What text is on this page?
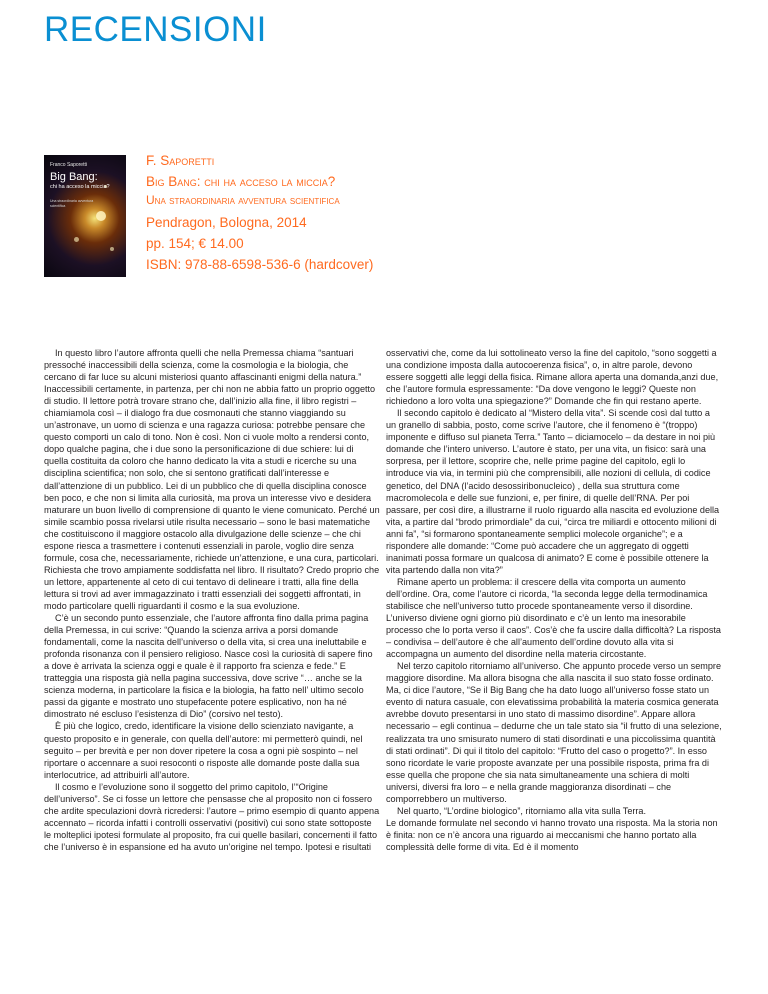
RECENSIONI
Franco Saporetti
Big Bang:
chi ha acceso la miccia?
Una straordinaria avventura scientifica
F. Saporetti
Big Bang: chi ha acceso la miccia?
Una straordinaria avventura scientifica
Pendragon, Bologna, 2014
pp. 154; € 14.00
ISBN: 978-88-6598-536-6 (hardcover)

In questo libro l’autore affronta quelli che nella Premessa chiama “santuari pressoché inaccessibili della scienza, come la cosmologia e la biologia, che cercano di far luce su alcuni misteriosi quanto affascinanti enigmi della natura.” Inaccessibili certamente, in partenza, per chi non ne abbia fatto un proprio oggetto di studio. Il lettore potrà trovare strano che, dall’inizio alla fine, il libro registri – chiamiamola così – il dialogo fra due cosmonauti che stanno viaggiando su un’astronave, un uomo di scienza e una ragazza curiosa: potrebbe pensare che questo comporti un calo di tono. Non è così. Non ci vuole molto a rendersi conto, dopo qualche pagina, che i due sono la personificazione di due schiere: lui di quella costituita da coloro che hanno dedicato la vita a studi e ricerche su una disciplina scientifica; non solo, che si sentono gratificati dall’interesse e dall’attenzione di un pubblico. Lei di un pubblico che di quella disciplina conosce ben poco, e che non si limita alla curiosità, ma prova un interesse vivo e desidera maturare un buon livello di comprensione di quanto le viene comunicato. Perché un simile scambio possa rivelarsi utile risulta necessario – sono le basi matematiche che costituiscono il maggiore ostacolo alla divulgazione delle scienze – che chi espone riesca a trasmettere i contenuti essenziali in parole, voglio dire senza formule, cosa che, necessariamente, richiede un’attenzione, e una cura, particolari. Richiesta che trovo ampiamente soddisfatta nel libro. Il risultato? Credo proprio che un lettore, appartenente al ceto di cui tentavo di delineare i tratti, alla fine della lettura si trovi ad aver immagazzinato i tratti essenziali dei soggetti affrontati, in modo particolare quelli riguardanti il cosmo e la sua evoluzione.

C’è un secondo punto essenziale, che l’autore affronta fino dalla prima pagina della Premessa, in cui scrive: “Quando la scienza arriva a porsi domande fondamentali, come la nascita dell’universo o della vita, si crea una ineluttabile e profonda risonanza con il pensiero religioso. Nasce così la curiosità di sapere fino a dove è arrivata la scienza oggi e quale è il rapporto fra scienza e fede.” E tratteggia una risposta già nella pagina successiva, dove scrive “… anche se la scienza moderna, in particolare la fisica e la biologia, ha fatto nell’ ultimo secolo passi da gigante e mostrato uno stupefacente potere esplicativo, non ha né dimostrato né escluso l’esistenza di Dio” (corsivo nel testo).

È più che logico, credo, identificare la visione dello scienziato navigante, a questo proposito e in generale, con quella dell’autore: mi permetterò quindi, nel seguito – per brevità e per non dover ripetere la cosa a ogni piè sospinto – nel riportare o accennare a suoi resoconti o risposte alle domande poste dalla sua interlocutrice, ad attribuirli all’autore.

Il cosmo e l’evoluzione sono il soggetto del primo capitolo, l’“Origine dell’universo”. Se ci fosse un lettore che pensasse che al proposito non ci fossero che ardite speculazioni dovrà ricredersi: l’autore – primo esempio di quanto appena accennato – ricorda infatti i controlli osservativi (positivi) cui sono state sottoposte le molteplici ipotesi formulate al proposito, fra cui quelle basilari, concernenti il fatto che l’universo è in espansione ed ha avuto un’origine nel tempo. Ipotesi e risultati

osservativi che, come da lui sottolineato verso la fine del capitolo, “sono soggetti a una condizione imposta dalla autocoerenza fisica”, o, in altre parole, devono essere soggetti alle leggi della fisica. Rimane allora aperta una domanda,anzi due, che l’autore formula espressamente: “Da dove vengono le leggi? Queste non richiedono a loro volta una spiegazione?” Domande che fin qui restano aperte.

Il secondo capitolo è dedicato al “Mistero della vita”. Si scende così dal tutto a un granello di sabbia, posto, come scrive l’autore, che il fenomeno è “(troppo) imponente e diffuso sul pianeta Terra.” Tanto – diciamocelo – da destare in noi più domande che l’intero universo. L’autore è stato, per una vita, un fisico: sarà una sorpresa, per il lettore, scoprire che, nelle prime pagine del capitolo, egli lo introduce via via, in termini più che comprensibili, alle nozioni di cellula, di codice genetico, del DNA (l’acido desossiribonucleico) , della sua struttura come macromolecola e delle sue funzioni, e, per finire, di quelle dell’RNA. Per poi passare, per così dire, a illustrarne il ruolo riguardo alla nascita ed evoluzione della vita, a partire dal “brodo primordiale” da cui, “circa tre miliardi e ottocento milioni di anni fa”, “si formarono spontaneamente semplici molecole organiche”; e a rispondere alle domande: “Come può accadere che un aggregato di oggetti inanimati possa formare un qualcosa di animato? E come è possibile ottenere la vita partendo dalla non vita?”

Rimane aperto un problema: il crescere della vita comporta un aumento dell’ordine. Ora, come l’autore ci ricorda, “la seconda legge della termodinamica stabilisce che nell’universo tutto procede spontaneamente verso il disordine. L’universo diviene ogni giorno più disordinato e c’è un lento ma inesorabile processo che lo porta verso il caos”. Cos’è che fa uscire dalla difficoltà? La risposta – condivisa – dell’autore è che all’aumento dell’ordine dovuto alla vita si accompagna un aumento del disordine nella materia circostante.

Nel terzo capitolo ritorniamo all’universo. Che appunto procede verso un sempre maggiore disordine. Ma allora bisogna che alla nascita il suo stato fosse ordinato. Ma, ci dice l’autore, “Se il Big Bang che ha dato luogo all’universo fosse stato un evento di natura casuale, con elevatissima probabilità la materia cosmica generata avrebbe dovuto presentarsi in uno stato di massimo disordine”. Appare allora necessario – egli continua – dedurne che un tale stato sia “il frutto di una selezione, realizzata tra uno smisurato numero di stati disordinati e una piccolissima quantità di stati ordinati”. Di qui il titolo del capitolo: “Frutto del caso o progetto?”. In esso sono ricordate le varie proposte avanzate per una possibile risposta, prima fra di esse quella che propone che sia nata simultaneamente una schiera di molti universi, diversi fra loro – e nella grande maggioranza disordinati – che comporrebbero un multiverso.

Nel quarto, “L’ordine biologico”, ritorniamo alla vita sulla Terra.

Le domande formulate nel secondo vi hanno trovato una risposta. Ma la storia non è finita: non ce n’è ancora una riguardo ai meccanismi che hanno portato alla complessità delle forme di vita. Ed è il momento
